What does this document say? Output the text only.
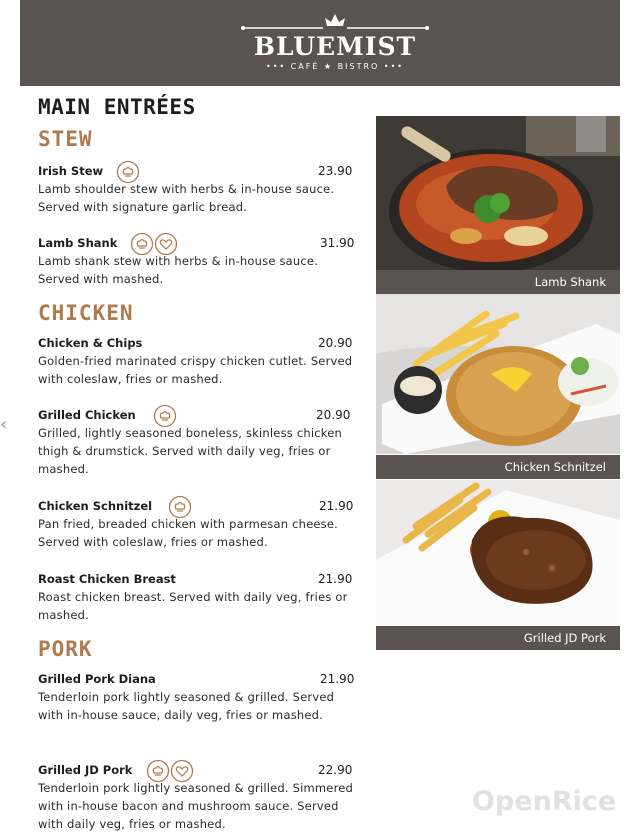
BLUEMIST
••• CAFÉ ★ BISTRO •••
‹
MAIN ENTRÉES
STEW
Irish Stew	23.90
Lamb shoulder stew with herbs & in-house sauce. Served with signature garlic bread.
Lamb Shank	31.90
Lamb shank stew with herbs & in-house sauce. Served with mashed.
CHICKEN
Chicken & Chips	20.90
Golden-fried marinated crispy chicken cutlet. Served with coleslaw, fries or mashed.
Grilled Chicken	20.90
Grilled, lightly seasoned boneless, skinless chicken thigh & drumstick. Served with daily veg, fries or mashed.
Chicken Schnitzel	21.90
Pan fried, breaded chicken with parmesan cheese. Served with coleslaw, fries or mashed.
Roast Chicken Breast	21.90
Roast chicken breast. Served with daily veg, fries or mashed.
PORK
Grilled Pork Diana	21.90
Tenderloin pork lightly seasoned & grilled. Served with in-house sauce, daily veg, fries or mashed.
Grilled JD Pork	22.90
Tenderloin pork lightly seasoned & grilled. Simmered with in-house bacon and mushroom sauce. Served with daily veg, fries or mashed.
Lamb Shank
Chicken Schnitzel
Grilled JD Pork
OpenRice
